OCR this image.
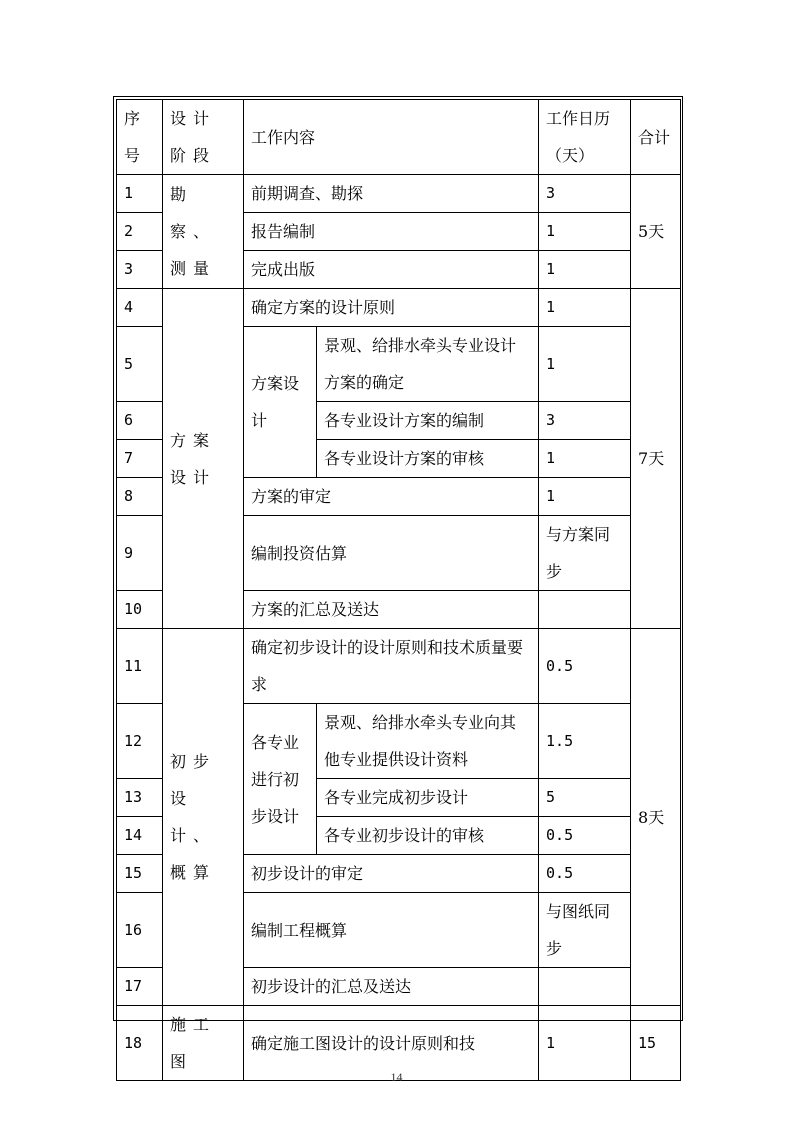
序号	设计阶段	工作内容		工作日历（天）	合计
1	勘察、测量	前期调查、勘探		3	5天
2		报告编制		1	
3		完成出版		1	
4	方案设计	确定方案的设计原则		1	7天
5		方案设计	景观、给排水牵头专业设计方案的确定	1	
6			各专业设计方案的编制	3	
7			各专业设计方案的审核	1	
8		方案的审定		1	
9		编制投资估算		与方案同步	
10		方案的汇总及送达			
11	初步设计、概算	确定初步设计的设计原则和技术质量要求		0.5	8天
12		各专业进行初步设计	景观、给排水牵头专业向其他专业提供设计资料	1.5	
13			各专业完成初步设计	5	
14			各专业初步设计的审核	0.5	
15		初步设计的审定		0.5	
16		编制工程概算		与图纸同步	
17		初步设计的汇总及送达			
18	施工图	确定施工图设计的设计原则和技		1	15
14
